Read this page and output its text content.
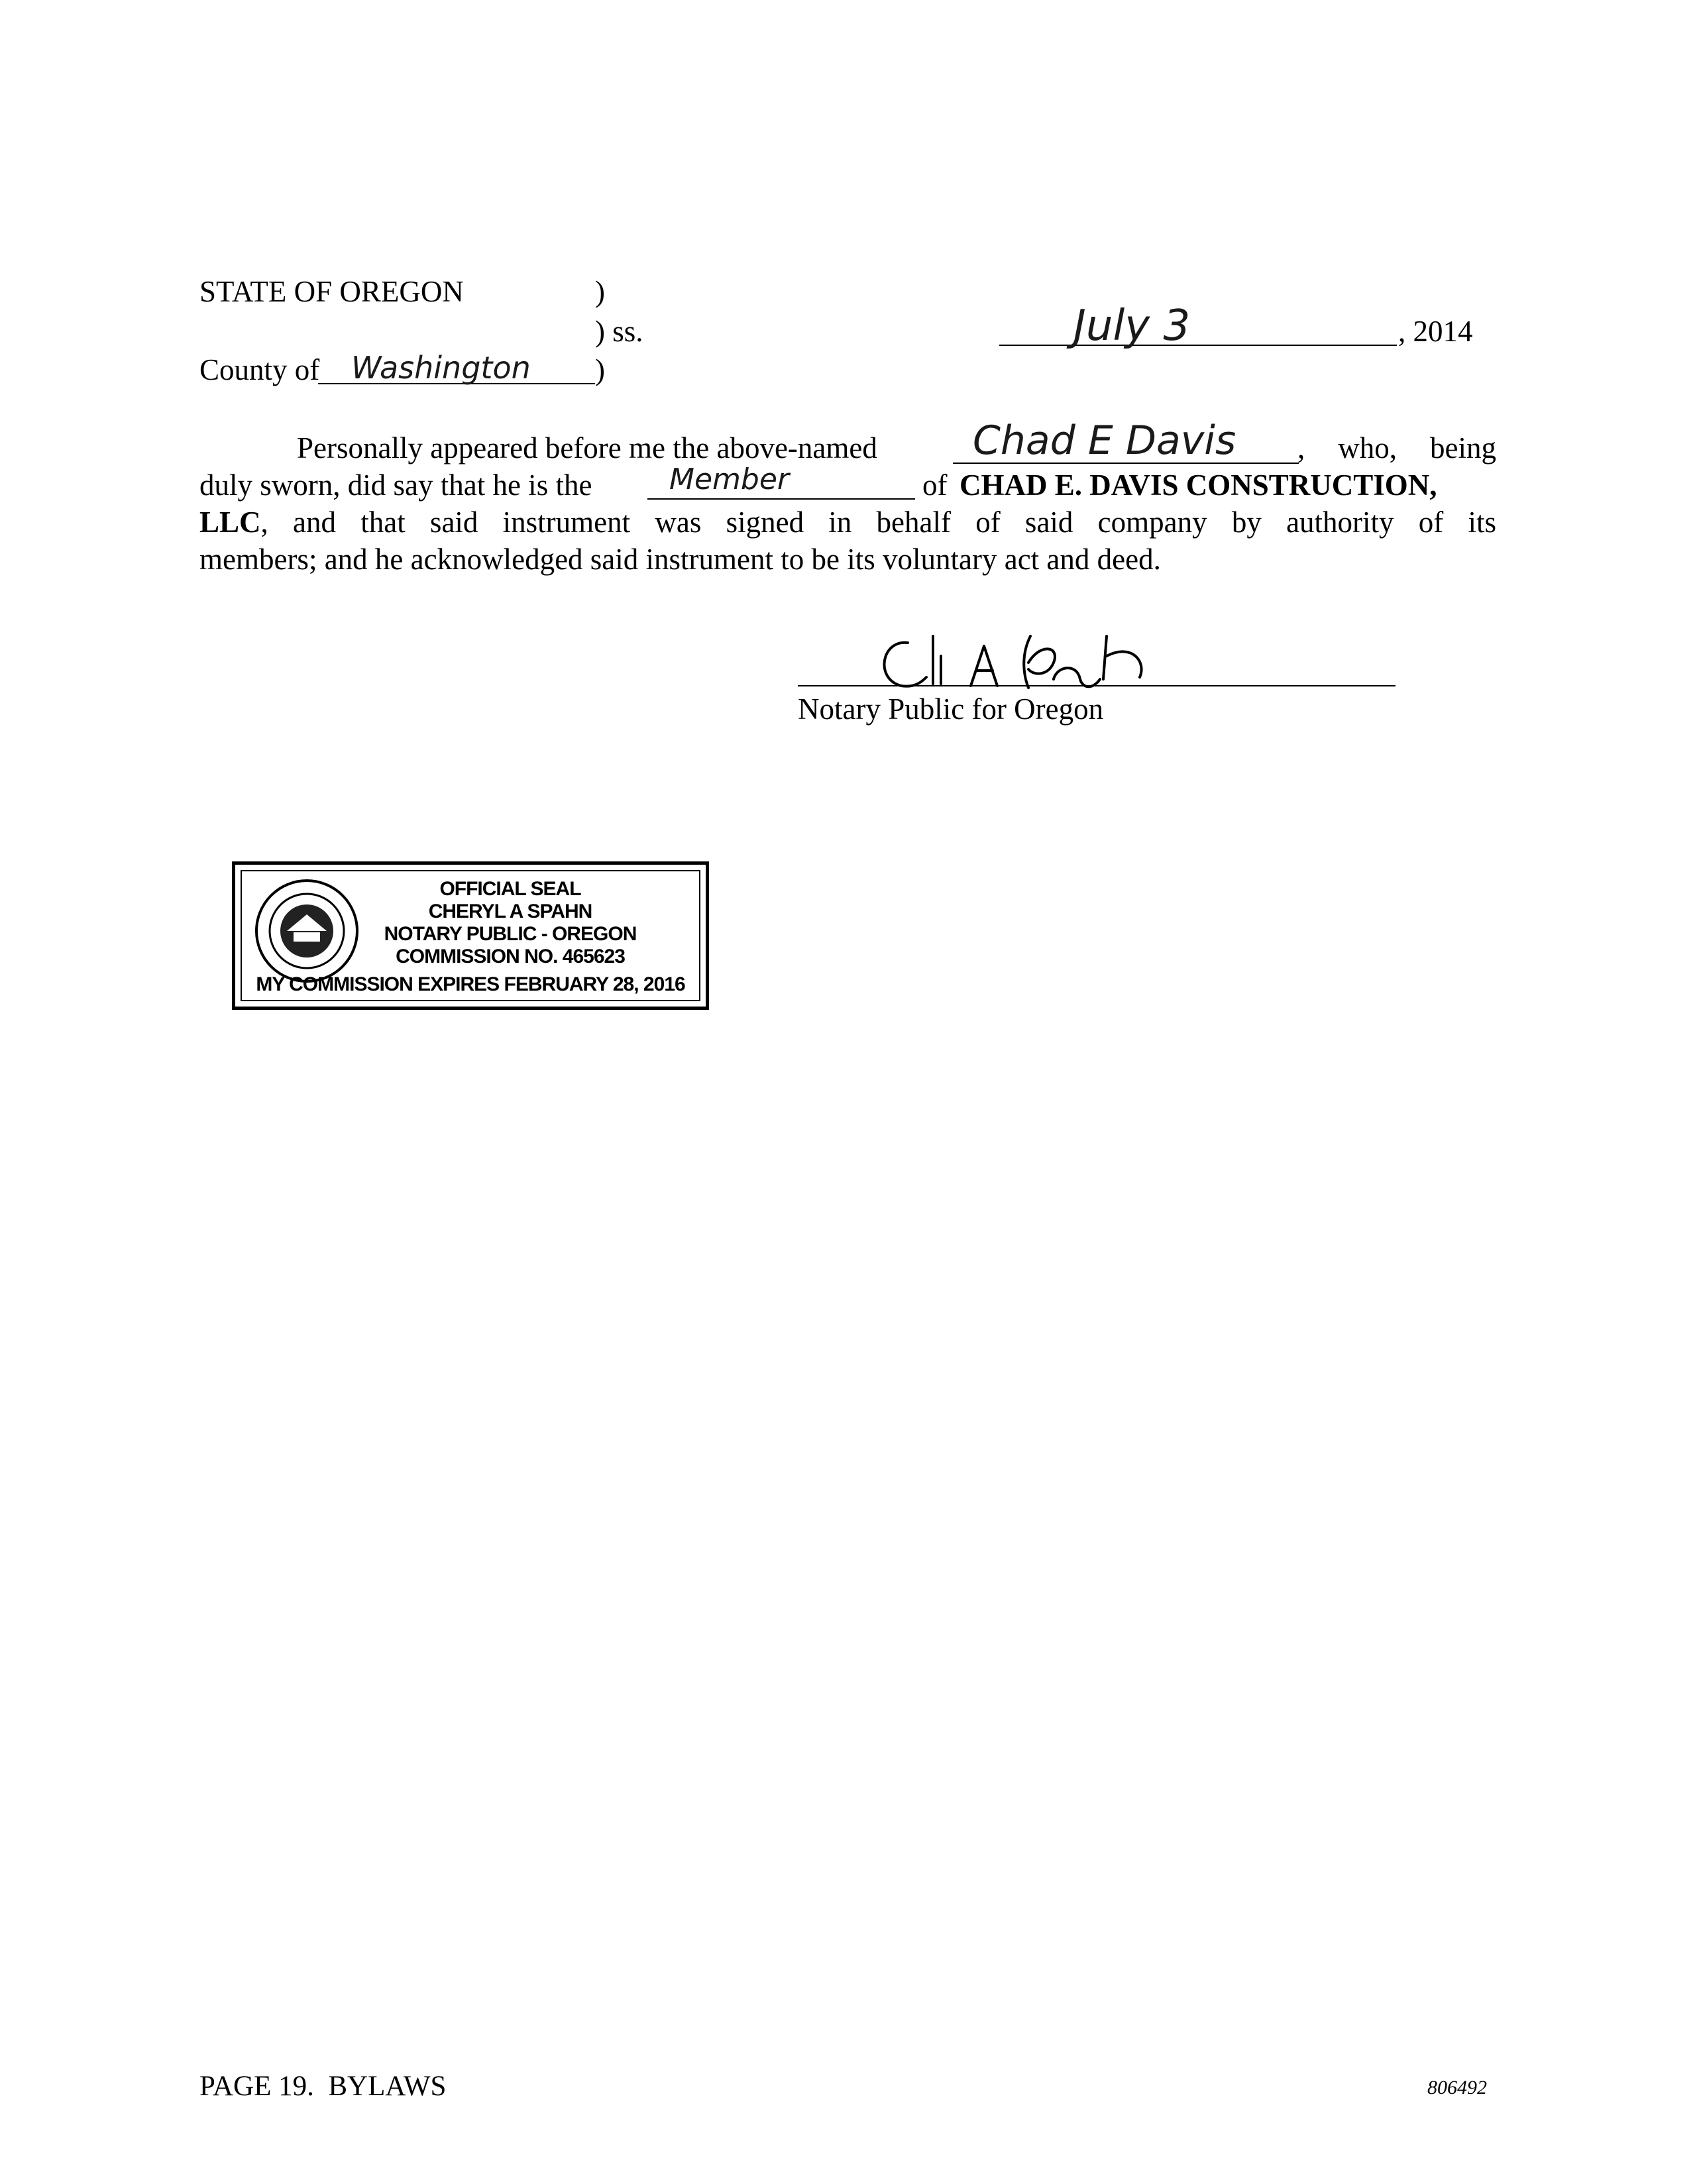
STATE OF OREGON	)
) ss.
County of Washington )
July 3	, 2014
Personally appeared before me the above-named Chad E Davis , who, being
duly sworn, did say that he is the	Member	of CHAD E. DAVIS CONSTRUCTION,
LLC, and that said instrument was signed in behalf of said company by authority of its
members; and he acknowledged said instrument to be its voluntary act and deed.
Notary Public for Oregon
OFFICIAL SEAL
CHERYL A SPAHN
NOTARY PUBLIC - OREGON
COMMISSION NO. 465623
MY COMMISSION EXPIRES FEBRUARY 28, 2016
PAGE 19.  BYLAWS	806492
